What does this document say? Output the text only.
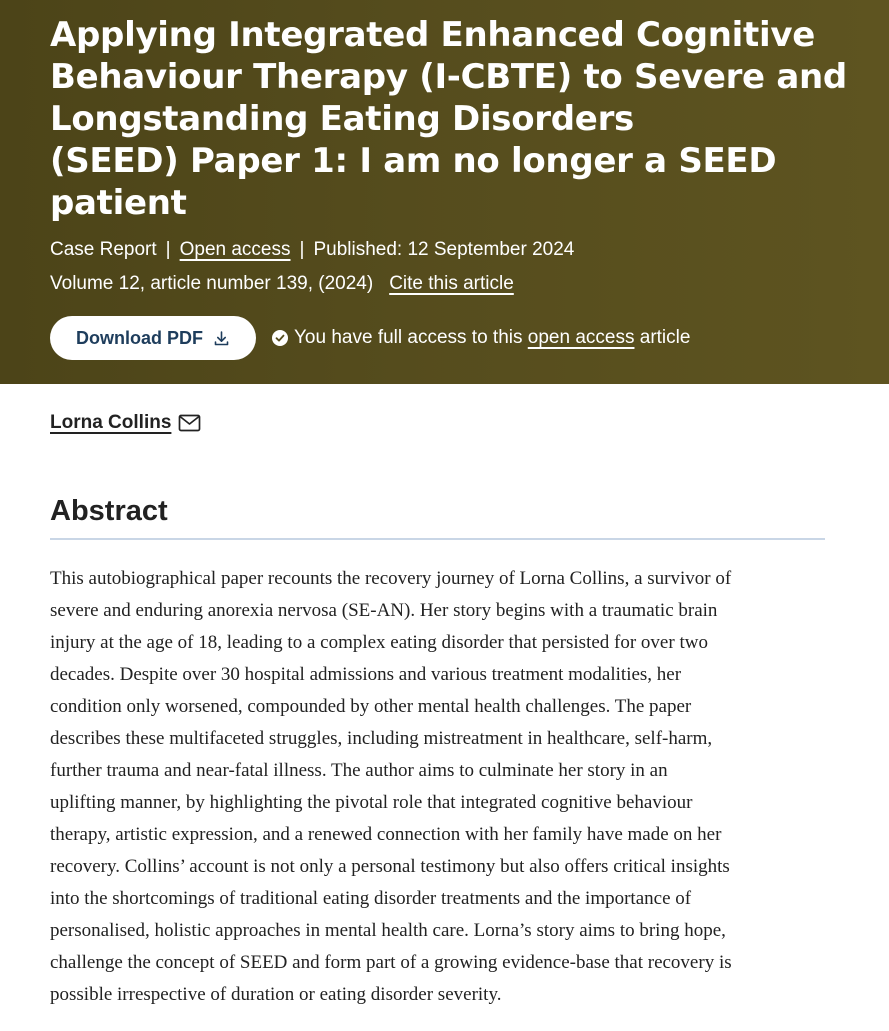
Applying Integrated Enhanced Cognitive
Behaviour Therapy (I-CBTE) to Severe and
Longstanding Eating Disorders
(SEED) Paper 1: I am no longer a SEED
patient
Case Report | Open access | Published: 12 September 2024
Volume 12, article number 139, (2024) Cite this article
Download PDF	You have full access to this
open access
article
Lorna Collins
Abstract

This autobiographical paper recounts the recovery journey of Lorna Collins, a survivor of
severe and enduring anorexia nervosa (SE-AN). Her story begins with a traumatic brain
injury at the age of 18, leading to a complex eating disorder that persisted for over two
decades. Despite over 30 hospital admissions and various treatment modalities, her
condition only worsened, compounded by other mental health challenges. The paper
describes these multifaceted struggles, including mistreatment in healthcare, self-harm,
further trauma and near-fatal illness. The author aims to culminate her story in an
uplifting manner, by highlighting the pivotal role that integrated cognitive behaviour
therapy, artistic expression, and a renewed connection with her family have made on her
recovery. Collins’ account is not only a personal testimony but also offers critical insights
into the shortcomings of traditional eating disorder treatments and the importance of
personalised, holistic approaches in mental health care. Lorna’s story aims to bring hope,
challenge the concept of SEED and form part of a growing evidence-base that recovery is
possible irrespective of duration or eating disorder severity.
